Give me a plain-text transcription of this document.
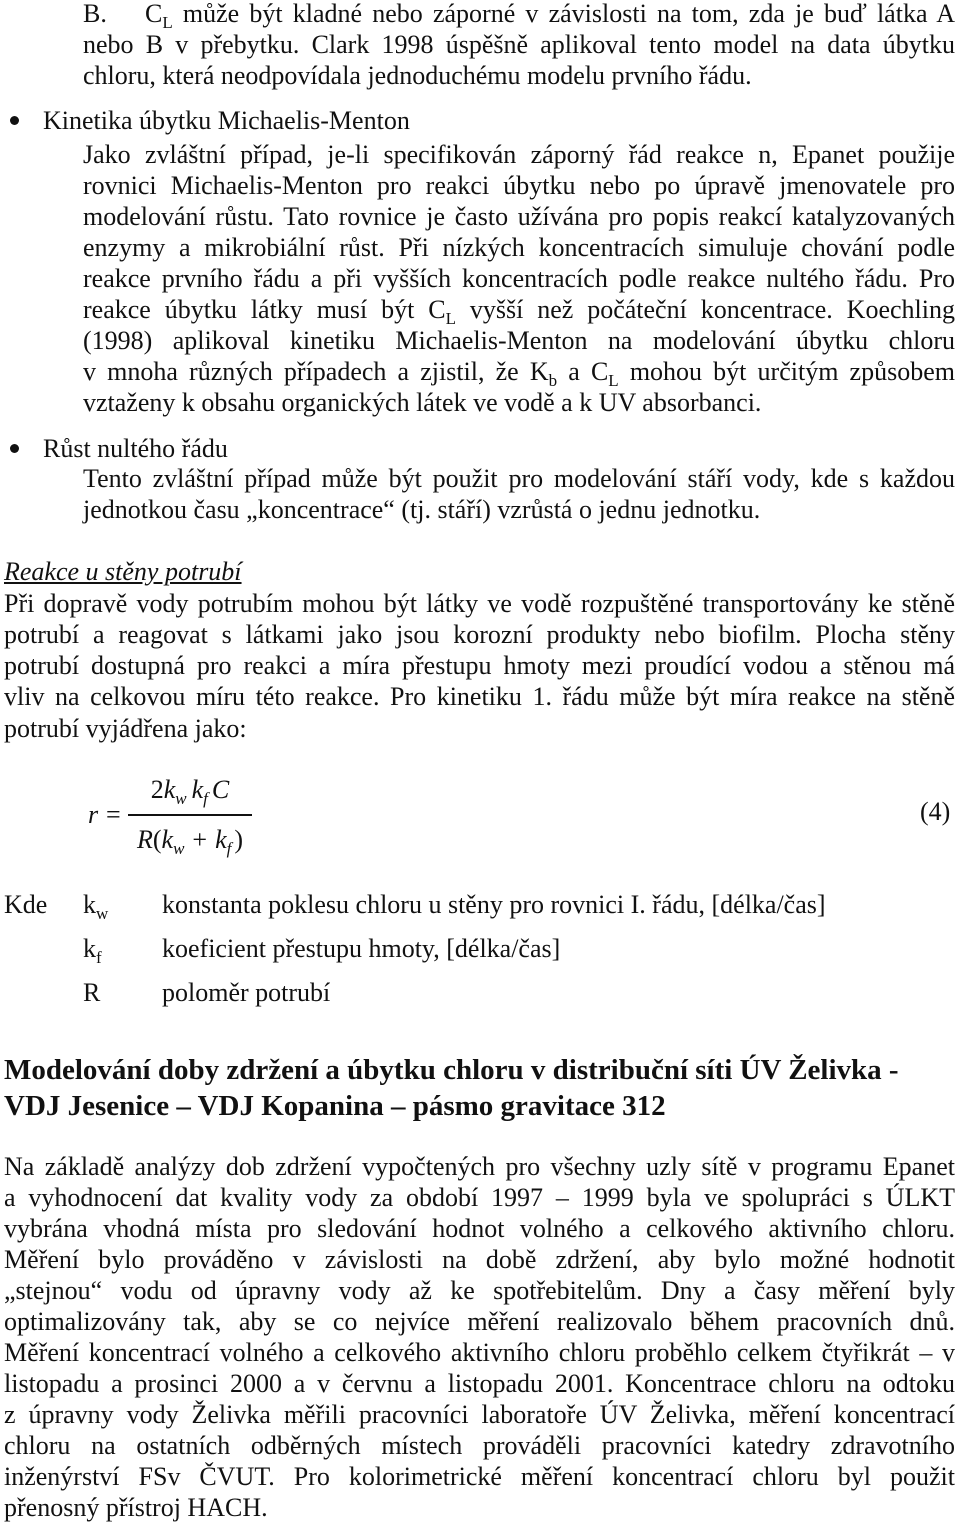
B. $C_L$ může být kladné nebo záporné v závislosti na tom, zda je buď látka A
nebo B v přebytku. Clark 1998 úspěšně aplikoval tento model na data úbytku
chloru, která neodpovídala jednoduchému modelu prvního řádu.
Kinetika úbytku Michaelis-Menton
Jako zvláštní případ, je-li specifikován záporný řád reakce n, Epanet použije
rovnici Michaelis-Menton pro reakci úbytku nebo po úpravě jmenovatele pro
modelování růstu. Tato rovnice je často užívána pro popis reakcí katalyzovaných
enzymy a mikrobiální růst. Při nízkých koncentracích simuluje chování podle
reakce prvního řádu a při vyšších koncentracích podle reakce nultého řádu. Pro
reakce úbytku látky musí být $C_L$ vyšší než počáteční koncentrace. Koechling
(1998) aplikoval kinetiku Michaelis-Menton na modelování úbytku chloru
v mnoha různých případech a zjistil, že $K_b$ a $C_L$ mohou být určitým způsobem
vztaženy k obsahu organických látek ve vodě a k UV absorbanci.
Růst nultého řádu
Tento zvláštní případ může být použit pro modelování stáří vody, kde s každou
jednotkou času „koncentrace“ (tj. stáří) vzrůstá o jednu jednotku.
Reakce u stěny potrubí
Při dopravě vody potrubím mohou být látky ve vodě rozpuštěné transportovány ke stěně
potrubí a reagovat s látkami jako jsou korozní produkty nebo biofilm. Plocha stěny
potrubí dostupná pro reakci a míra přestupu hmoty mezi proudící vodou a stěnou má
vliv na celkovou míru této reakce. Pro kinetiku 1. řádu může být míra reakce na stěně
potrubí vyjádřena jako:
r =
$2k_w$ $k_f$ C
$R(k_w + k_f$ )
(4)
Kde $k_w$ konstanta poklesu chloru u stěny pro rovnici I. řádu, [délka/čas]
$k_f$ koeficient přestupu hmoty, [délka/čas]
R poloměr potrubí
Modelování doby zdržení a úbytku chloru v distribuční síti ÚV Želivka -
VDJ Jesenice – VDJ Kopanina – pásmo gravitace 312
Na základě analýzy dob zdržení vypočtených pro všechny uzly sítě v programu Epanet
a vyhodnocení dat kvality vody za období 1997 – 1999 byla ve spolupráci s ÚLKT
vybrána vhodná místa pro sledování hodnot volného a celkového aktivního chloru.
Měření bylo prováděno v závislosti na době zdržení, aby bylo možné hodnotit
„stejnou“ vodu od úpravny vody až ke spotřebitelům. Dny a časy měření byly
optimalizovány tak, aby se co nejvíce měření realizovalo během pracovních dnů.
Měření koncentrací volného a celkového aktivního chloru proběhlo celkem čtyřikrát – v
listopadu a prosinci 2000 a v červnu a listopadu 2001. Koncentrace chloru na odtoku
z úpravny vody Želivka měřili pracovníci laboratoře ÚV Želivka, měření koncentrací
chloru na ostatních odběrných místech prováděli pracovníci katedry zdravotního
inženýrství FSv ČVUT. Pro kolorimetrické měření koncentrací chloru byl použit
přenosný přístroj HACH.
